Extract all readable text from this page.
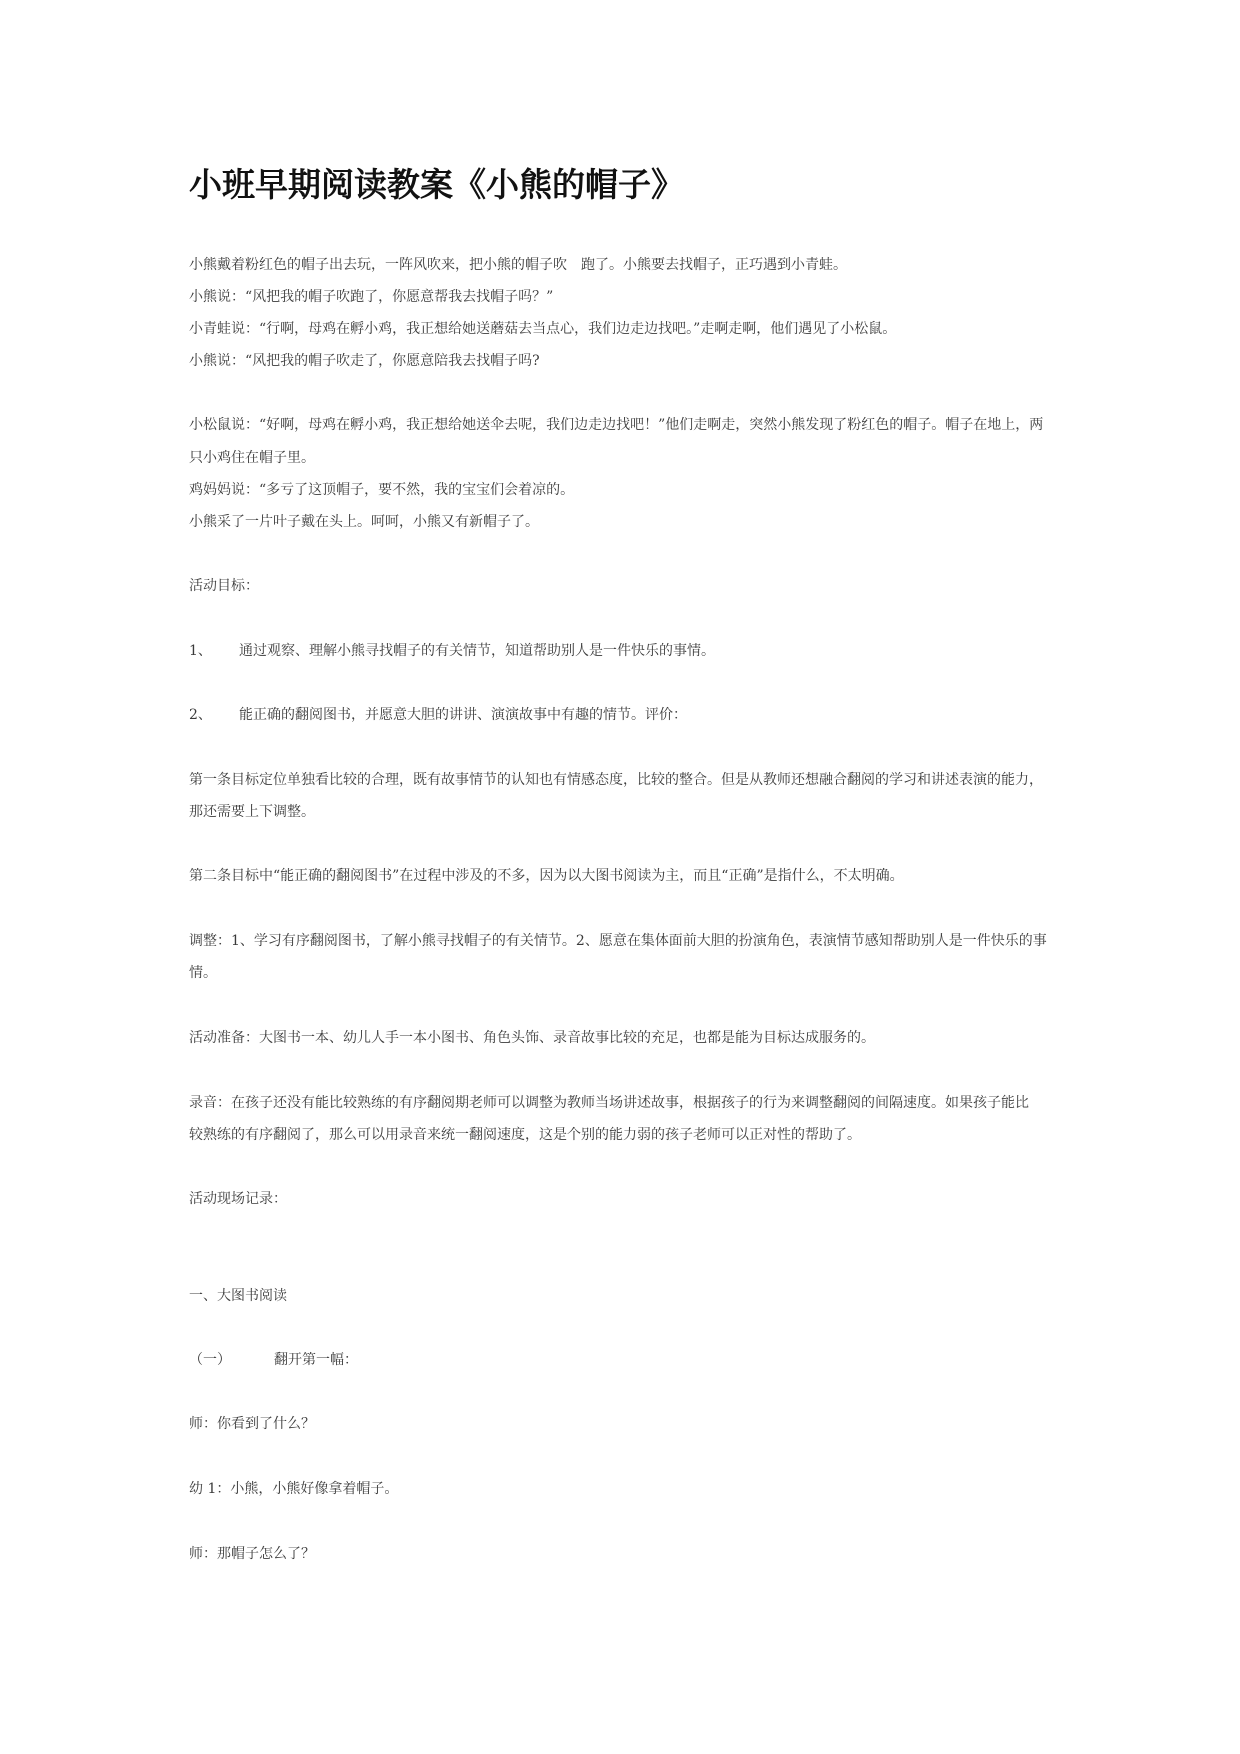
小班早期阅读教案《小熊的帽子》
小熊戴着粉红色的帽子出去玩，一阵风吹来，把小熊的帽子吹　跑了。小熊要去找帽子，正巧遇到小青蛙。
小熊说：“风把我的帽子吹跑了，你愿意帮我去找帽子吗？”
小青蛙说：“行啊，母鸡在孵小鸡，我正想给她送蘑菇去当点心，我们边走边找吧。”走啊走啊，他们遇见了小松鼠。
小熊说：“风把我的帽子吹走了，你愿意陪我去找帽子吗?
小松鼠说：“好啊，母鸡在孵小鸡，我正想给她送伞去呢，我们边走边找吧！”他们走啊走，突然小熊发现了粉红色的帽子。帽子在地上，两
只小鸡住在帽子里。
鸡妈妈说：“多亏了这顶帽子，要不然，我的宝宝们会着凉的。
小熊采了一片叶子戴在头上。呵呵，小熊又有新帽子了。
活动目标：
1、 通过观察、理解小熊寻找帽子的有关情节，知道帮助别人是一件快乐的事情。
2、 能正确的翻阅图书，并愿意大胆的讲讲、演演故事中有趣的情节。评价：
第一条目标定位单独看比较的合理，既有故事情节的认知也有情感态度，比较的整合。但是从教师还想融合翻阅的学习和讲述表演的能力，
那还需要上下调整。
第二条目标中“能正确的翻阅图书”在过程中涉及的不多，因为以大图书阅读为主，而且“正确”是指什么，不太明确。
调整：1、学习有序翻阅图书，了解小熊寻找帽子的有关情节。2、愿意在集体面前大胆的扮演角色，表演情节感知帮助别人是一件快乐的事
情。
活动准备：大图书一本、幼儿人手一本小图书、角色头饰、录音故事比较的充足，也都是能为目标达成服务的。
录音：在孩子还没有能比较熟练的有序翻阅期老师可以调整为教师当场讲述故事，根据孩子的行为来调整翻阅的间隔速度。如果孩子能比
较熟练的有序翻阅了，那么可以用录音来统一翻阅速度，这是个别的能力弱的孩子老师可以正对性的帮助了。
活动现场记录：
一、大图书阅读
（一）	翻开第一幅：
师：你看到了什么？
幼 1：小熊，小熊好像拿着帽子。
师：那帽子怎么了？
